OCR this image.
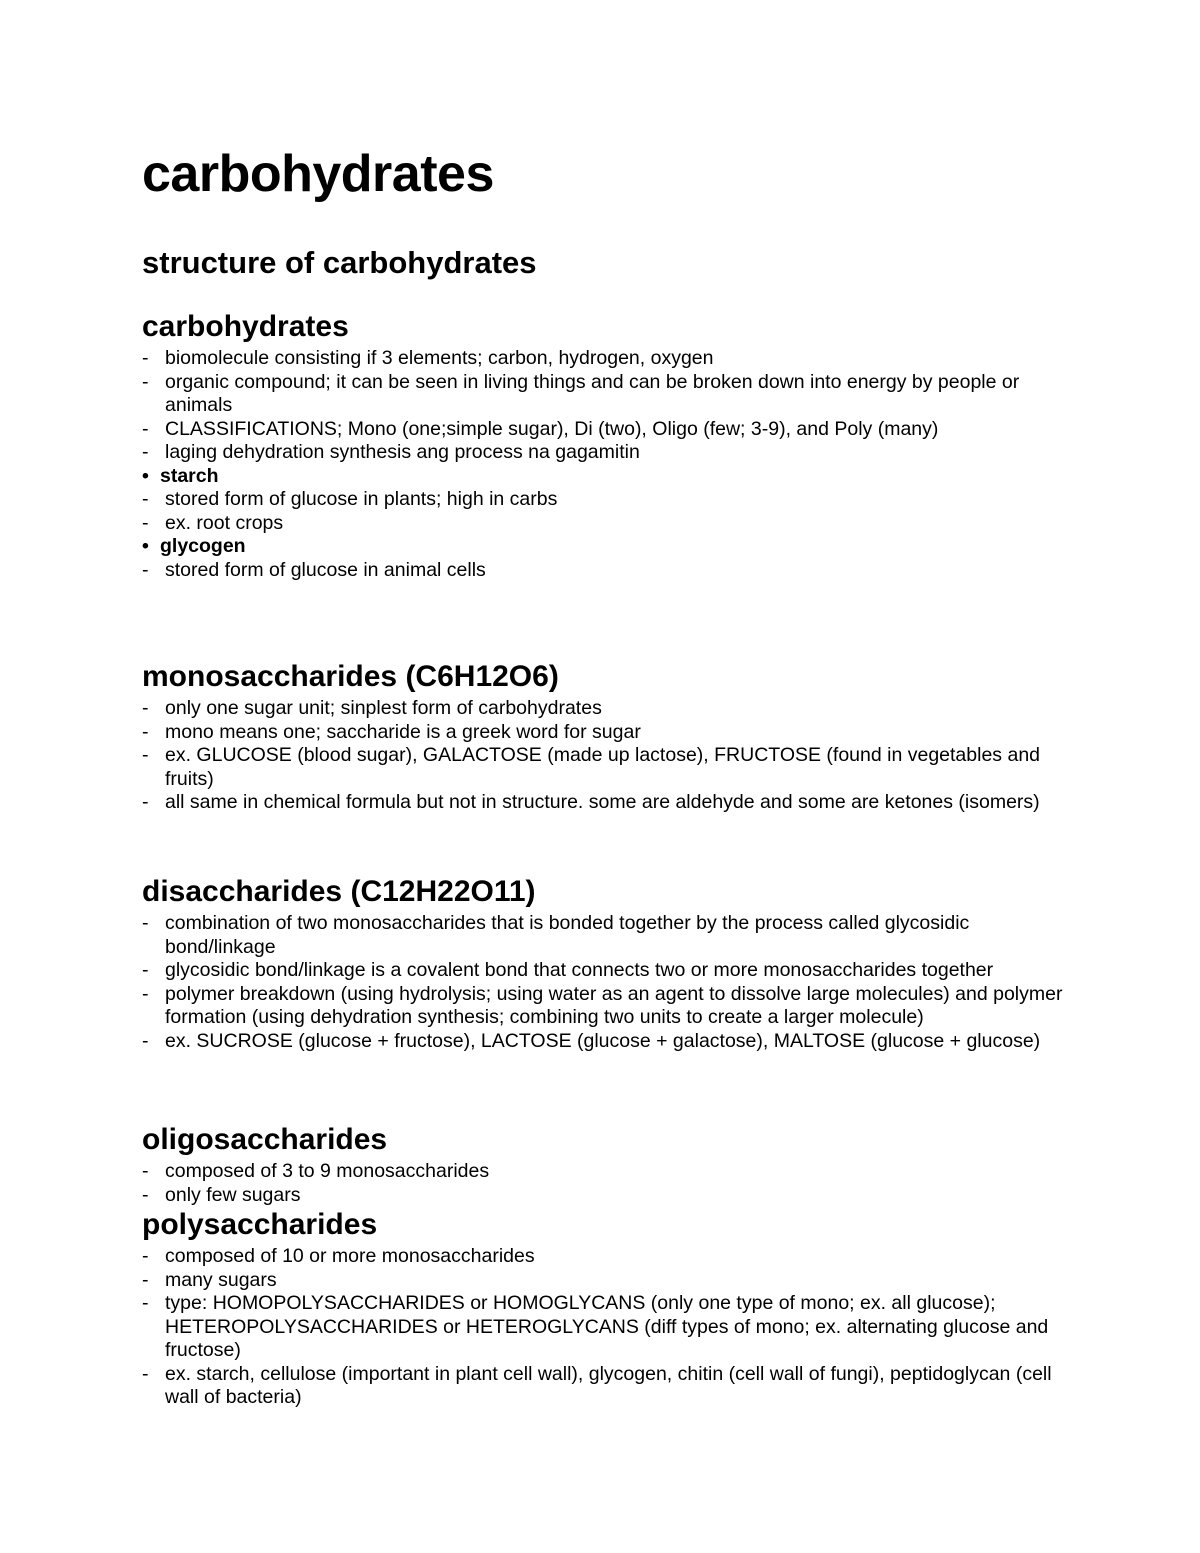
carbohydrates
structure of carbohydrates
carbohydrates
- biomolecule consisting if 3 elements; carbon, hydrogen, oxygen
- organic compound; it can be seen in living things and can be broken down into energy by people or animals
- CLASSIFICATIONS; Mono (one;simple sugar), Di (two), Oligo (few; 3-9), and Poly (many)
- laging dehydration synthesis ang process na gagamitin
• starch
- stored form of glucose in plants; high in carbs
- ex. root crops
• glycogen
- stored form of glucose in animal cells
monosaccharides (C6H12O6)
- only one sugar unit; sinplest form of carbohydrates
- mono means one; saccharide is a greek word for sugar
- ex. GLUCOSE (blood sugar), GALACTOSE (made up lactose), FRUCTOSE (found in vegetables and fruits)
- all same in chemical formula but not in structure. some are aldehyde and some are ketones (isomers)
disaccharides (C12H22O11)
- combination of two monosaccharides that is bonded together by the process called glycosidic bond/linkage
- glycosidic bond/linkage is a covalent bond that connects two or more monosaccharides together
- polymer breakdown (using hydrolysis; using water as an agent to dissolve large molecules) and polymer formation (using dehydration synthesis; combining two units to create a larger molecule)
- ex. SUCROSE (glucose + fructose), LACTOSE (glucose + galactose), MALTOSE (glucose + glucose)
oligosaccharides
- composed of 3 to 9 monosaccharides
- only few sugars
polysaccharides
- composed of 10 or more monosaccharides
- many sugars
- type: HOMOPOLYSACCHARIDES or HOMOGLYCANS (only one type of mono; ex. all glucose); HETEROPOLYSACCHARIDES or HETEROGLYCANS (diff types of mono; ex. alternating glucose and fructose)
- ex. starch, cellulose (important in plant cell wall), glycogen, chitin (cell wall of fungi), peptidoglycan (cell wall of bacteria)
